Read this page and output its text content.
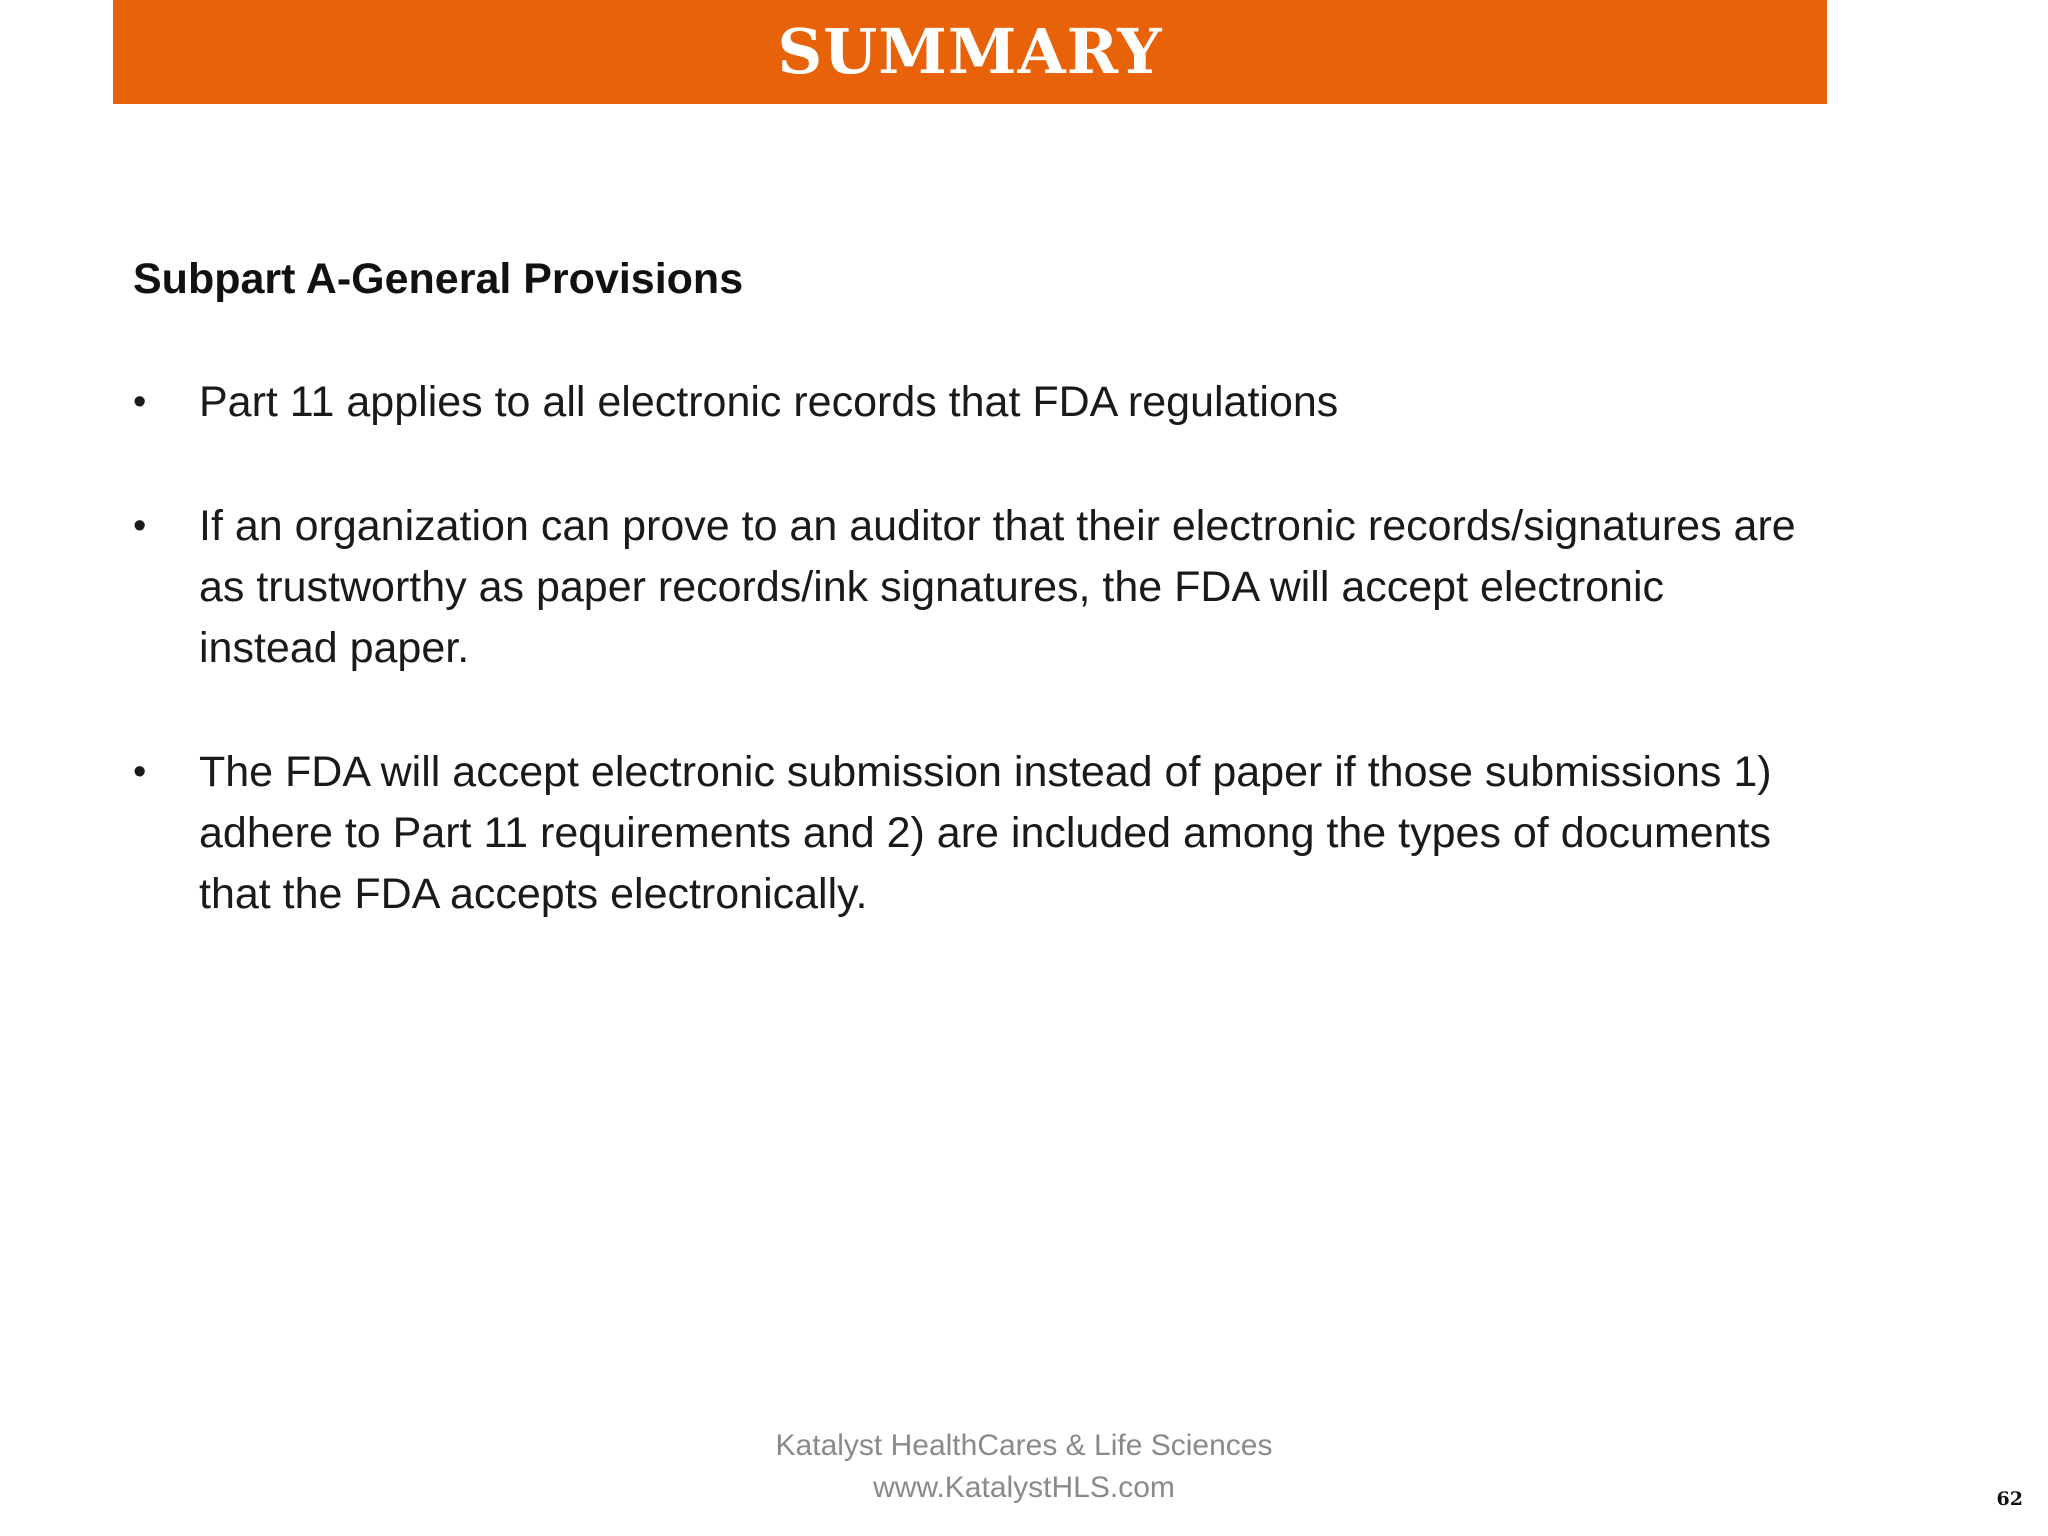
SUMMARY
Subpart A-General Provisions
•	Part 11 applies to all electronic records that FDA regulations
•	If an organization can prove to an auditor that their electronic records/signatures are as trustworthy as paper records/ink signatures, the FDA will accept electronic instead paper.
•	The FDA will accept electronic submission instead of paper if those submissions 1) adhere to Part 11 requirements and 2) are included among the types of documents that the FDA accepts electronically.
Katalyst HealthCares & Life Sciences
www.KatalystHLS.com	62
